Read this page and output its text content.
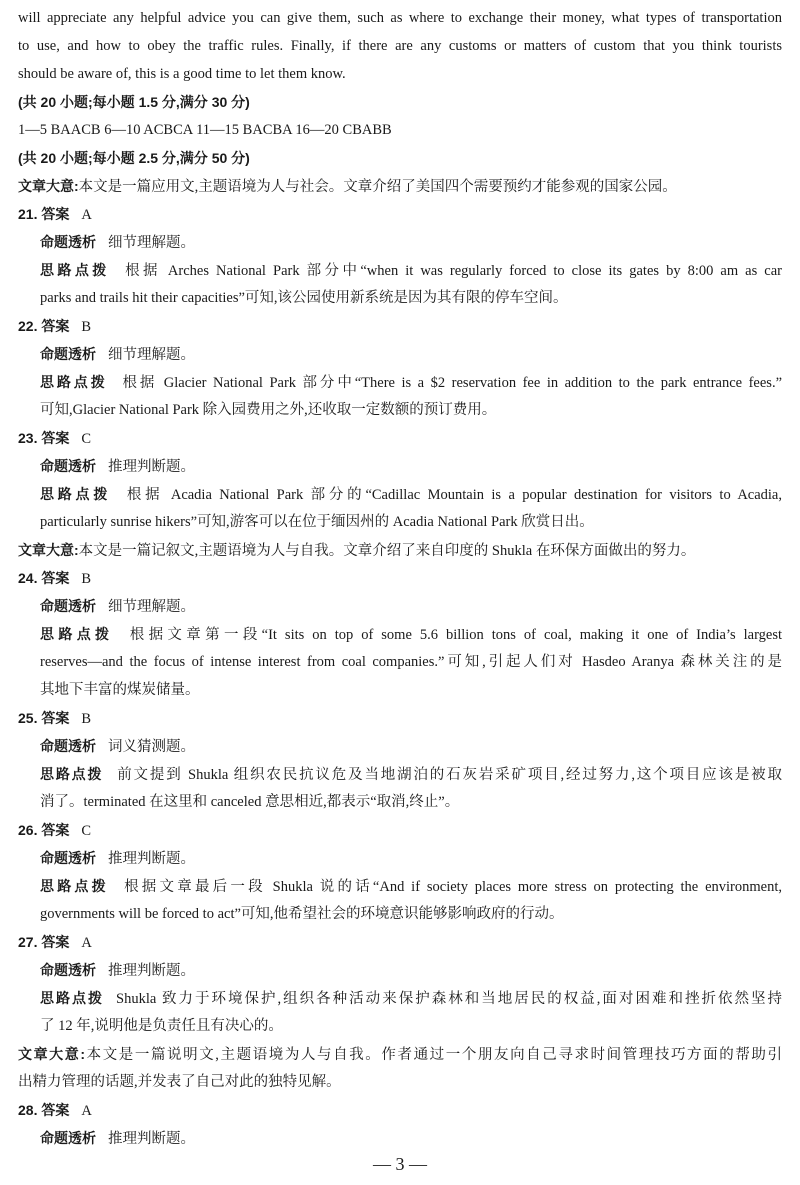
will appreciate any helpful advice you can give them, such as where to exchange their money, what types of transportation
to use, and how to obey the traffic rules. Finally, if there are any customs or matters of custom that you think tourists
should be aware of, this is a good time to let them know.
(共 20 小题;每小题 1.5 分,满分 30 分)
1—5 BAACB 6—10 ACBCA 11—15 BACBA 16—20 CBABB
(共 20 小题;每小题 2.5 分,满分 50 分)
文章大意:本文是一篇应用文,主题语境为人与社会。文章介绍了美国四个需要预约才能参观的国家公园。
21. 答案 A
命题透析 细节理解题。
思路点拨 根据 Arches National Park 部分中“when it was regularly forced to close its gates by 8:00 am as car
parks and trails hit their capacities”可知,该公园使用新系统是因为其有限的停车空间。
22. 答案 B
命题透析 细节理解题。
思路点拨 根据 Glacier National Park 部分中“There is a $2 reservation fee in addition to the park entrance fees.”
可知,Glacier National Park 除入园费用之外,还收取一定数额的预订费用。
23. 答案 C
命题透析 推理判断题。
思路点拨 根据 Acadia National Park 部分的“Cadillac Mountain is a popular destination for visitors to Acadia,
particularly sunrise hikers”可知,游客可以在位于缅因州的 Acadia National Park 欣赏日出。
文章大意:本文是一篇记叙文,主题语境为人与自我。文章介绍了来自印度的 Shukla 在环保方面做出的努力。
24. 答案 B
命题透析 细节理解题。
思路点拨 根据文章第一段“It sits on top of some 5.6 billion tons of coal, making it one of India’s largest
reserves—and the focus of intense interest from coal companies.”可知,引起人们对 Hasdeo Aranya 森林关注的是
其地下丰富的煤炭储量。
25. 答案 B
命题透析 词义猜测题。
思路点拨 前文提到 Shukla 组织农民抗议危及当地湖泊的石灰岩采矿项目,经过努力,这个项目应该是被取
消了。terminated 在这里和 canceled 意思相近,都表示“取消,终止”。
26. 答案 C
命题透析 推理判断题。
思路点拨 根据文章最后一段 Shukla 说的话“And if society places more stress on protecting the environment,
governments will be forced to act”可知,他希望社会的环境意识能够影响政府的行动。
27. 答案 A
命题透析 推理判断题。
思路点拨 Shukla 致力于环境保护,组织各种活动来保护森林和当地居民的权益,面对困难和挫折依然坚持
了 12 年,说明他是负责任且有决心的。
文章大意:本文是一篇说明文,主题语境为人与自我。作者通过一个朋友向自己寻求时间管理技巧方面的帮助引
出精力管理的话题,并发表了自己对此的独特见解。
28. 答案 A
命题透析 推理判断题。
— 3 —
